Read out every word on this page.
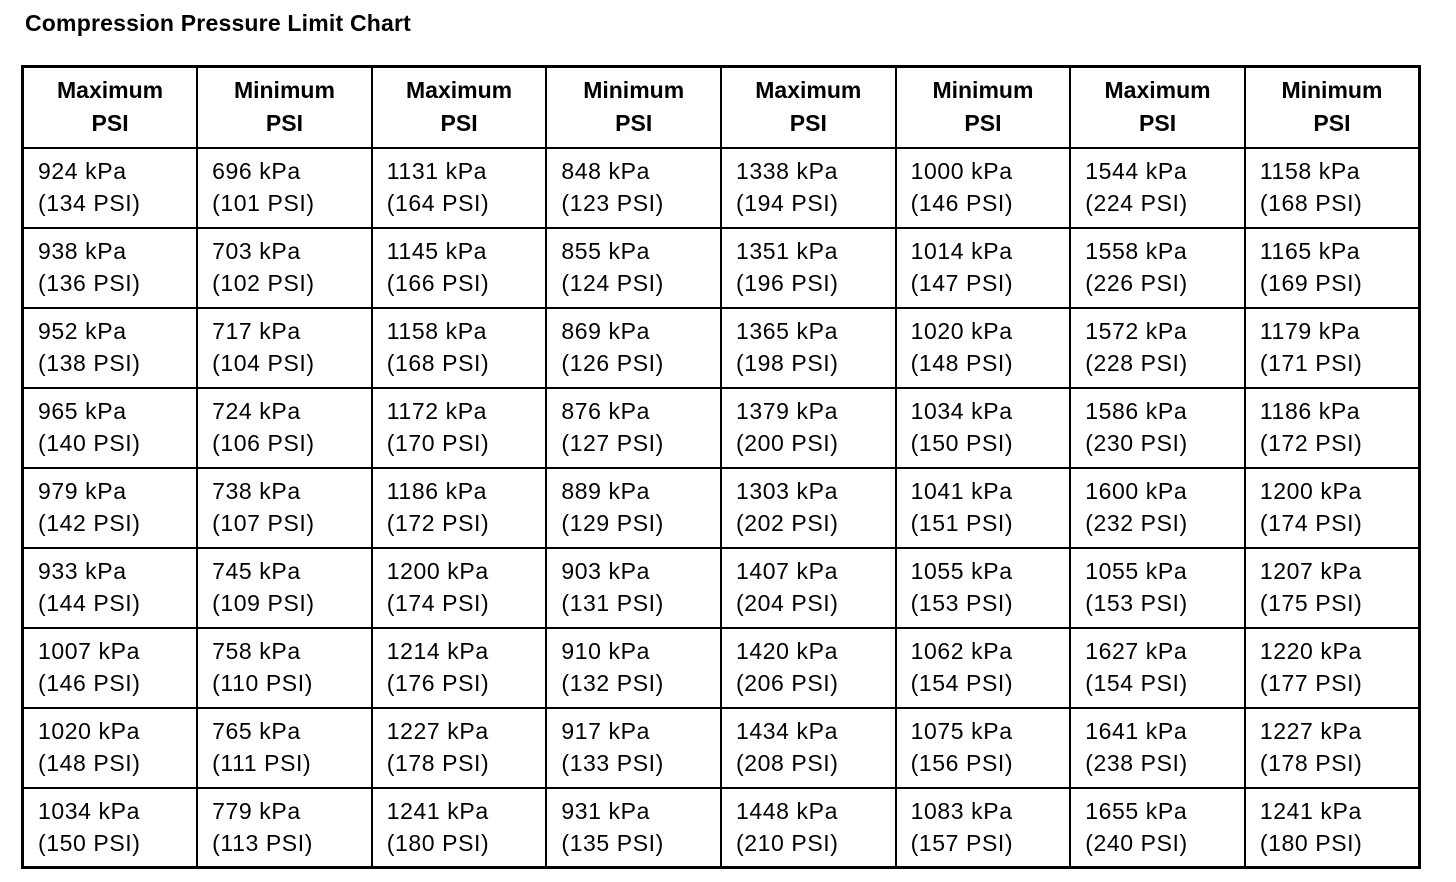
Compression Pressure Limit Chart
Maximum
PSI	Minimum
PSI	Maximum
PSI	Minimum
PSI	Maximum
PSI	Minimum
PSI	Maximum
PSI	Minimum
PSI

924 kPa
(134 PSI)	696 kPa
(101 PSI)	1131 kPa
(164 PSI)	848 kPa
(123 PSI)	1338 kPa
(194 PSI)	1000 kPa
(146 PSI)	1544 kPa
(224 PSI)	1158 kPa
(168 PSI)

938 kPa
(136 PSI)	703 kPa
(102 PSI)	1145 kPa
(166 PSI)	855 kPa
(124 PSI)	1351 kPa
(196 PSI)	1014 kPa
(147 PSI)	1558 kPa
(226 PSI)	1165 kPa
(169 PSI)

952 kPa
(138 PSI)	717 kPa
(104 PSI)	1158 kPa
(168 PSI)	869 kPa
(126 PSI)	1365 kPa
(198 PSI)	1020 kPa
(148 PSI)	1572 kPa
(228 PSI)	1179 kPa
(171 PSI)

965 kPa
(140 PSI)	724 kPa
(106 PSI)	1172 kPa
(170 PSI)	876 kPa
(127 PSI)	1379 kPa
(200 PSI)	1034 kPa
(150 PSI)	1586 kPa
(230 PSI)	1186 kPa
(172 PSI)

979 kPa
(142 PSI)	738 kPa
(107 PSI)	1186 kPa
(172 PSI)	889 kPa
(129 PSI)	1303 kPa
(202 PSI)	1041 kPa
(151 PSI)	1600 kPa
(232 PSI)	1200 kPa
(174 PSI)

933 kPa
(144 PSI)	745 kPa
(109 PSI)	1200 kPa
(174 PSI)	903 kPa
(131 PSI)	1407 kPa
(204 PSI)	1055 kPa
(153 PSI)	1055 kPa
(153 PSI)	1207 kPa
(175 PSI)

1007 kPa
(146 PSI)	758 kPa
(110 PSI)	1214 kPa
(176 PSI)	910 kPa
(132 PSI)	1420 kPa
(206 PSI)	1062 kPa
(154 PSI)	1627 kPa
(154 PSI)	1220 kPa
(177 PSI)

1020 kPa
(148 PSI)	765 kPa
(111 PSI)	1227 kPa
(178 PSI)	917 kPa
(133 PSI)	1434 kPa
(208 PSI)	1075 kPa
(156 PSI)	1641 kPa
(238 PSI)	1227 kPa
(178 PSI)

1034 kPa
(150 PSI)	779 kPa
(113 PSI)	1241 kPa
(180 PSI)	931 kPa
(135 PSI)	1448 kPa
(210 PSI)	1083 kPa
(157 PSI)	1655 kPa
(240 PSI)	1241 kPa
(180 PSI)
